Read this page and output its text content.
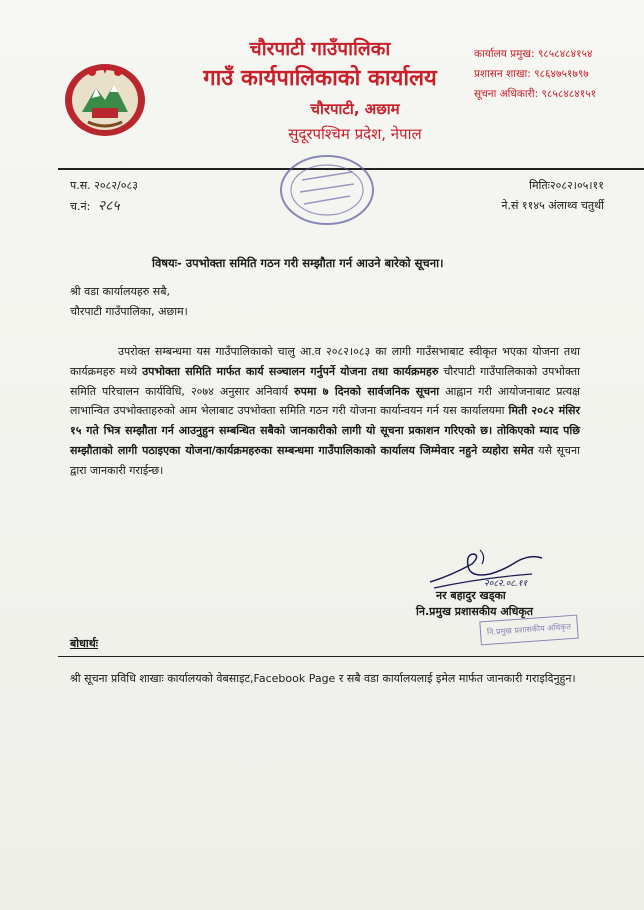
चौरपाटी गाउँपालिका
गाउँ कार्यपालिकाको कार्यालय
चौरपाटी, अछाम
सुदूरपश्चिम प्रदेश, नेपाल
कार्यालय प्रमुख: ९८५८४८४१५४
प्रशासन शाखा: ९८६४७५१७९७
सूचना अधिकारी: ९८५८४८४१५१
प.स. २०८२/०८३
च.नं: २८५
मितिः२०८२।०५।११
ने.सं ११४५ अंलाथ्व चतुर्थी
विषयः- उपभोक्ता समिति गठन गरी सम्झौता गर्न आउने बारेको सूचना।
श्री वडा कार्यालयहरु सबै,
चौरपाटी गाउँपालिका, अछाम।
उपरोक्त सम्बन्धमा यस गाउँपालिकाको चालु आ.व २०८२।०८३ का लागी गाउँसभाबाट स्वीकृत भएका योजना तथा कार्यक्रमहरु मध्ये उपभोक्ता समिति मार्फत कार्य सञ्चालन गर्नुपर्ने योजना तथा कार्यक्रमहरु चौरपाटी गाउँपालिकाको उपभोक्ता समिति परिचालन कार्यविधि, २०७४ अनुसार अनिवार्य रुपमा ७ दिनको सार्वजनिक सूचना आह्वान गरी आयोजनाबाट प्रत्यक्ष लाभान्वित उपभोक्ताहरुको आम भेलाबाट उपभोक्ता समिति गठन गरी योजना कार्यान्वयन गर्न यस कार्यालयमा मिती २०८२ मंसिर १५ गते भित्र सम्झौता गर्न आउनुहुन सम्बन्धित सबैको जानकारीको लागी यो सूचना प्रकाशन गरिएको छ। तोकिएको म्याद पछि सम्झौताको लागी पठाइएका योजना/कार्यक्रमहरुका सम्बन्धमा गाउँपालिकाको कार्यालय जिम्मेवार नहुने व्यहोरा समेत यसै सूचना द्वारा जानकारी गराईन्छ।
२०८२.०८.११
नर बहादुर खड्का
नि.प्रमुख प्रशासकीय अधिकृत
नि.प्रमुख प्रशासकीय अधिकृत
बोधार्थः
श्री सूचना प्रविधि शाखाः कार्यालयको वेबसाइट,Facebook Page र सबै वडा कार्यालयलाई इमेल मार्फत जानकारी गराइदिनुहुन।
